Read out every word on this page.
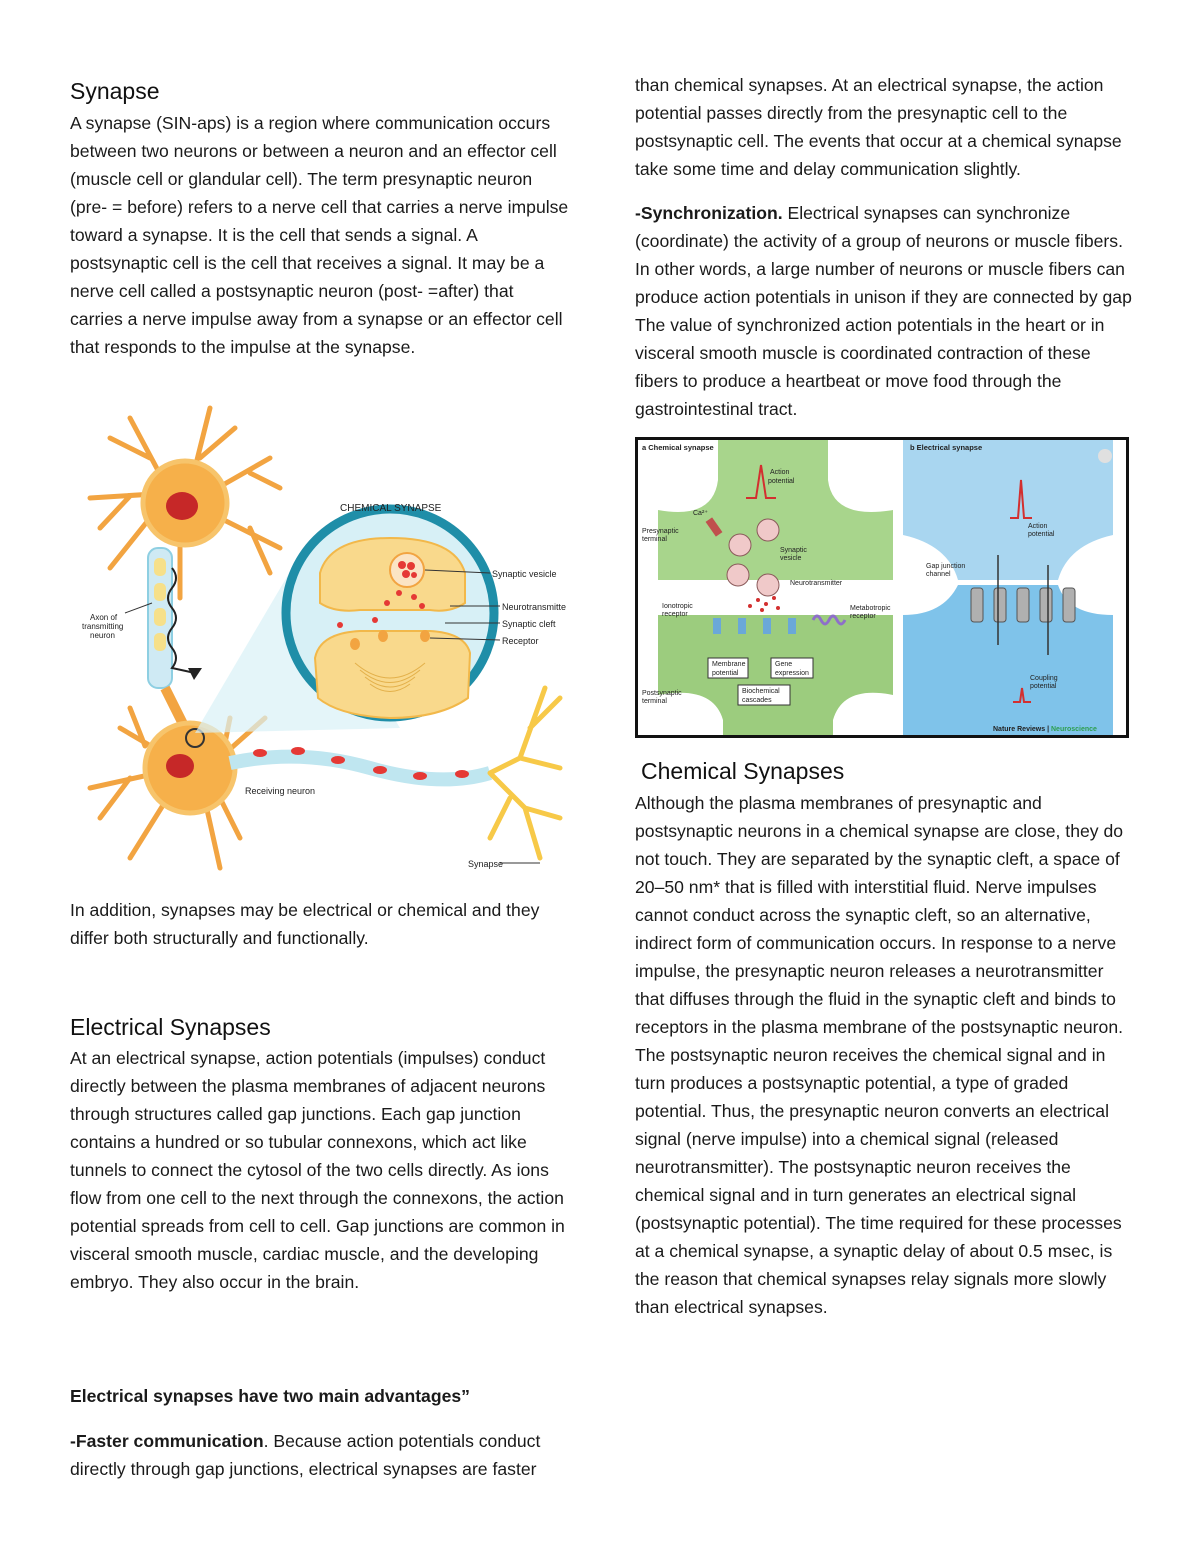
Synapse

A synapse (SIN-aps) is a region where communication occurs between two neurons or between a neuron and an effector cell (muscle cell or glandular cell). The term presynaptic neuron (pre- = before) refers to a nerve cell that carries a nerve impulse toward a synapse. It is the cell that sends a signal. A postsynaptic cell is the cell that receives a signal. It may be a nerve cell called a postsynaptic neuron (post- =after) that carries a nerve impulse away from a synapse or an effector cell that responds to the impulse at the synapse.

CHEMICAL SYNAPSE
Synaptic vesicle
Neurotransmitte
Synaptic cleft
Receptor
Axon of
transmitting
neuron
Receiving neuron
Synapse

In addition, synapses may be electrical or chemical and they differ both structurally and functionally.

Electrical Synapses

At an electrical synapse, action potentials (impulses) conduct directly between the plasma membranes of adjacent neurons through structures called gap junctions. Each gap junction contains a hundred or so tubular connexons, which act like tunnels to connect the cytosol of the two cells directly. As ions flow from one cell to the next through the connexons, the action potential spreads from cell to cell. Gap junctions are common in visceral smooth muscle, cardiac muscle, and the developing embryo. They also occur in the brain.

Electrical synapses have two main advantages”

-Faster communication. Because action potentials conduct directly through gap junctions, electrical synapses are faster

than chemical synapses. At an electrical synapse, the action potential passes directly from the presynaptic cell to the postsynaptic cell. The events that occur at a chemical synapse take some time and delay communication slightly.

-Synchronization. Electrical synapses can synchronize (coordinate) the activity of a group of neurons or muscle fibers. In other words, a large number of neurons or muscle fibers can produce action potentials in unison if they are connected by gap The value of synchronized action potentials in the heart or in visceral smooth muscle is coordinated contraction of these fibers to produce a heartbeat or move food through the gastrointestinal tract.

a Chemical synapse	b Electrical synapse
Action
potential
Ca²⁺
Presynaptic
terminal
Synaptic
vesicle
Neurotransmitter
Ionotropic
receptor
Metabotropic
receptor
Membrane
potential
Gene
expression
Biochemical
cascades
Postsynaptic
terminal
Action
potential
Gap junction
channel
Coupling
potential
Nature Reviews | Neuroscience
Chemical Synapses

Although the plasma membranes of presynaptic and postsynaptic neurons in a chemical synapse are close, they do not touch. They are separated by the synaptic cleft, a space of 20–50 nm* that is filled with interstitial fluid. Nerve impulses cannot conduct across the synaptic cleft, so an alternative, indirect form of communication occurs. In response to a nerve impulse, the presynaptic neuron releases a neurotransmitter that diffuses through the fluid in the synaptic cleft and binds to receptors in the plasma membrane of the postsynaptic neuron. The postsynaptic neuron receives the chemical signal and in turn produces a postsynaptic potential, a type of graded potential. Thus, the presynaptic neuron converts an electrical signal (nerve impulse) into a chemical signal (released neurotransmitter). The postsynaptic neuron receives the chemical signal and in turn generates an electrical signal (postsynaptic potential). The time required for these processes at a chemical synapse, a synaptic delay of about 0.5 msec, is the reason that chemical synapses relay signals more slowly than electrical synapses.
